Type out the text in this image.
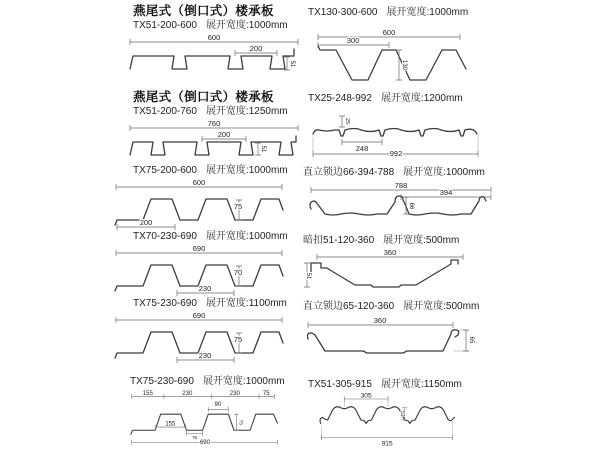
燕尾式（倒口式）楼承板
TX51-200-600 展开宽度:1000mm
600
200
51
TX130-300-600 展开宽度:1000mm
600
300
130
燕尾式（倒口式）楼承板
TX51-200-760 展开宽度:1250mm
760
200
51
TX25-248-992 展开宽度:1200mm
25
248
992
TX75-200-600 展开宽度:1000mm
600
75
200
直立锁边66-394-788 展开宽度:1000mm
788
394
66
TX70-230-690 展开宽度:1000mm
690
70
230
暗扣51-120-360 展开宽度:500mm
360
51
TX75-230-690 展开宽度:1100mm
690
75
230
直立锁边65-120-360 展开宽度:500mm
360
65
TX75-230-690 展开宽度:1000mm
155	230	230	75
90
155
75
75
690
TX51-305-915 展开宽度:1150mm
305
51
915
